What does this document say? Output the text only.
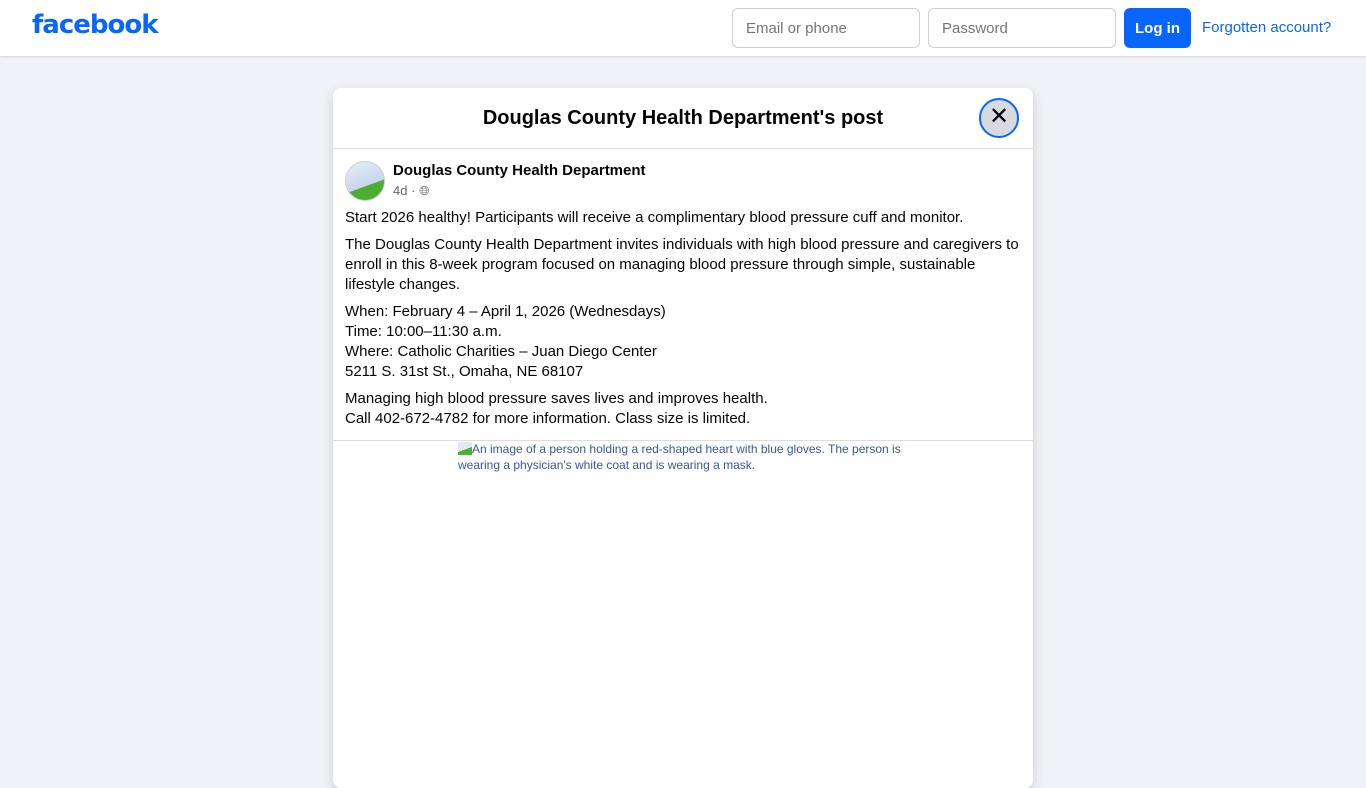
facebook
Email or phone	Log in	Forgotten account?
Douglas County Health Department's post	✕
Douglas County Health Department
4d · 🌐︎

Start 2026 healthy! Participants will receive a complimentary blood pressure cuff and monitor.

The Douglas County Health Department invites individuals with high blood pressure and caregivers to enroll in this 8-week program focused on managing blood pressure through simple, sustainable lifestyle changes.

When: February 4 – April 1, 2026 (Wednesdays)
Time: 10:00–11:30 a.m.
Where: Catholic Charities – Juan Diego Center
5211 S. 31st St., Omaha, NE 68107

Managing high blood pressure saves lives and improves health.
Call 402-672-4782 for more information. Class size is limited.

An image of a person holding a red-shaped heart with blue gloves. The person is wearing a physician's white coat and is wearing a mask.
